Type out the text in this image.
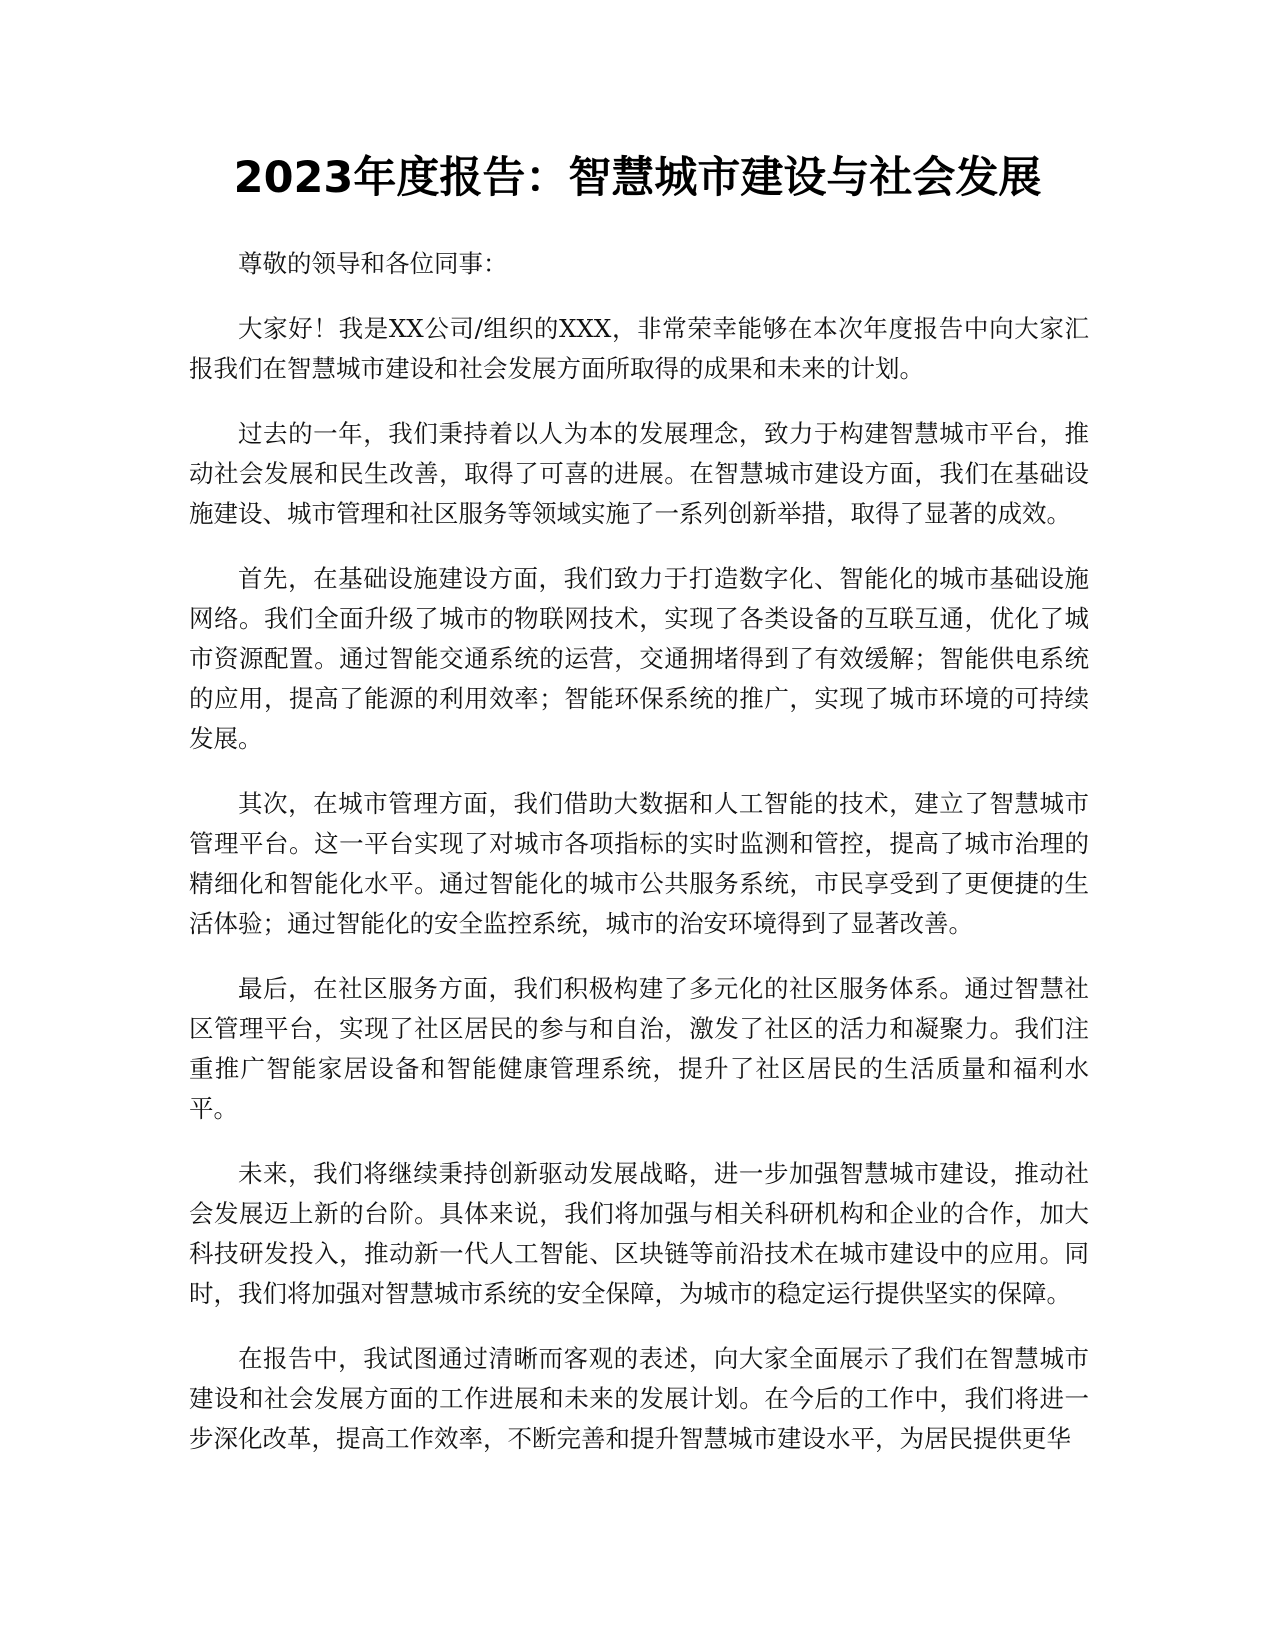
2023年度报告：智慧城市建设与社会发展

尊敬的领导和各位同事：

大家好！我是XX公司/组织的XXX，非常荣幸能够在本次年度报告中向大家汇报我们在智慧城市建设和社会发展方面所取得的成果和未来的计划。

过去的一年，我们秉持着以人为本的发展理念，致力于构建智慧城市平台，推动社会发展和民生改善，取得了可喜的进展。在智慧城市建设方面，我们在基础设施建设、城市管理和社区服务等领域实施了一系列创新举措，取得了显著的成效。

首先，在基础设施建设方面，我们致力于打造数字化、智能化的城市基础设施网络。我们全面升级了城市的物联网技术，实现了各类设备的互联互通，优化了城市资源配置。通过智能交通系统的运营，交通拥堵得到了有效缓解；智能供电系统的应用，提高了能源的利用效率；智能环保系统的推广，实现了城市环境的可持续发展。

其次，在城市管理方面，我们借助大数据和人工智能的技术，建立了智慧城市管理平台。这一平台实现了对城市各项指标的实时监测和管控，提高了城市治理的精细化和智能化水平。通过智能化的城市公共服务系统，市民享受到了更便捷的生活体验；通过智能化的安全监控系统，城市的治安环境得到了显著改善。

最后，在社区服务方面，我们积极构建了多元化的社区服务体系。通过智慧社区管理平台，实现了社区居民的参与和自治，激发了社区的活力和凝聚力。我们注重推广智能家居设备和智能健康管理系统，提升了社区居民的生活质量和福利水平。

未来，我们将继续秉持创新驱动发展战略，进一步加强智慧城市建设，推动社会发展迈上新的台阶。具体来说，我们将加强与相关科研机构和企业的合作，加大科技研发投入，推动新一代人工智能、区块链等前沿技术在城市建设中的应用。同时，我们将加强对智慧城市系统的安全保障，为城市的稳定运行提供坚实的保障。

在报告中，我试图通过清晰而客观的表述，向大家全面展示了我们在智慧城市建设和社会发展方面的工作进展和未来的发展计划。在今后的工作中，我们将进一步深化改革，提高工作效率，不断完善和提升智慧城市建设水平，为居民提供更华
